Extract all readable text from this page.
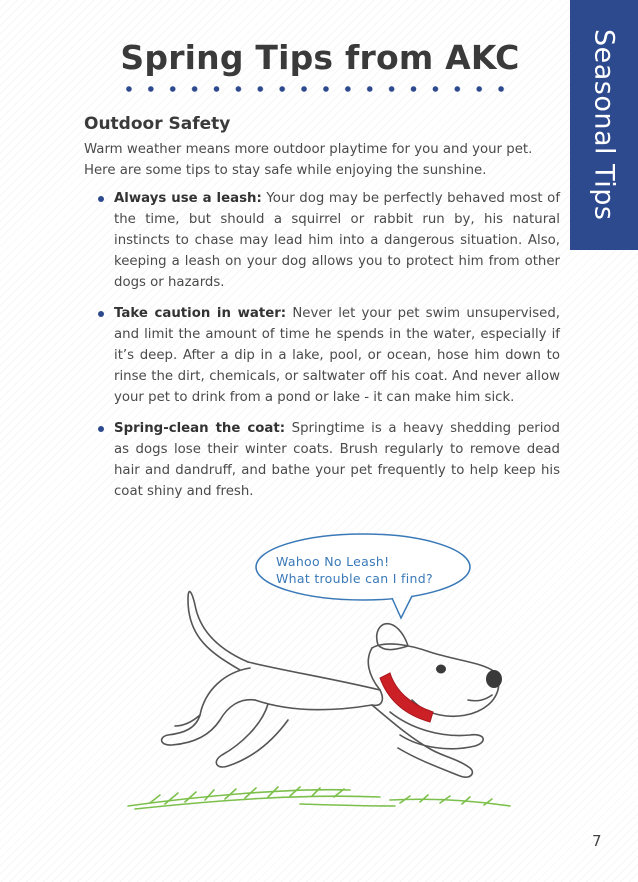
Spring Tips from AKC	Seasonal Tips
Outdoor Safety

Warm weather means more outdoor playtime for you and your pet. Here are some tips to stay safe while enjoying the sunshine.

Always use a leash: Your dog may be perfectly behaved most of the time, but should a squirrel or rabbit run by, his natural instincts to chase may lead him into a dangerous situation. Also, keeping a leash on your dog allows you to protect him from other dogs or hazards.
Take caution in water: Never let your pet swim unsupervised, and limit the amount of time he spends in the water, especially if it’s deep. After a dip in a lake, pool, or ocean, hose him down to rinse the dirt, chemicals, or saltwater off his coat. And never allow your pet to drink from a pond or lake - it can make him sick.
Spring-clean the coat: Springtime is a heavy shedding period as dogs lose their winter coats. Brush regularly to remove dead hair and dandruff, and bathe your pet frequently to help keep his coat shiny and fresh.
Wahoo No Leash!
What trouble can I find?
7
